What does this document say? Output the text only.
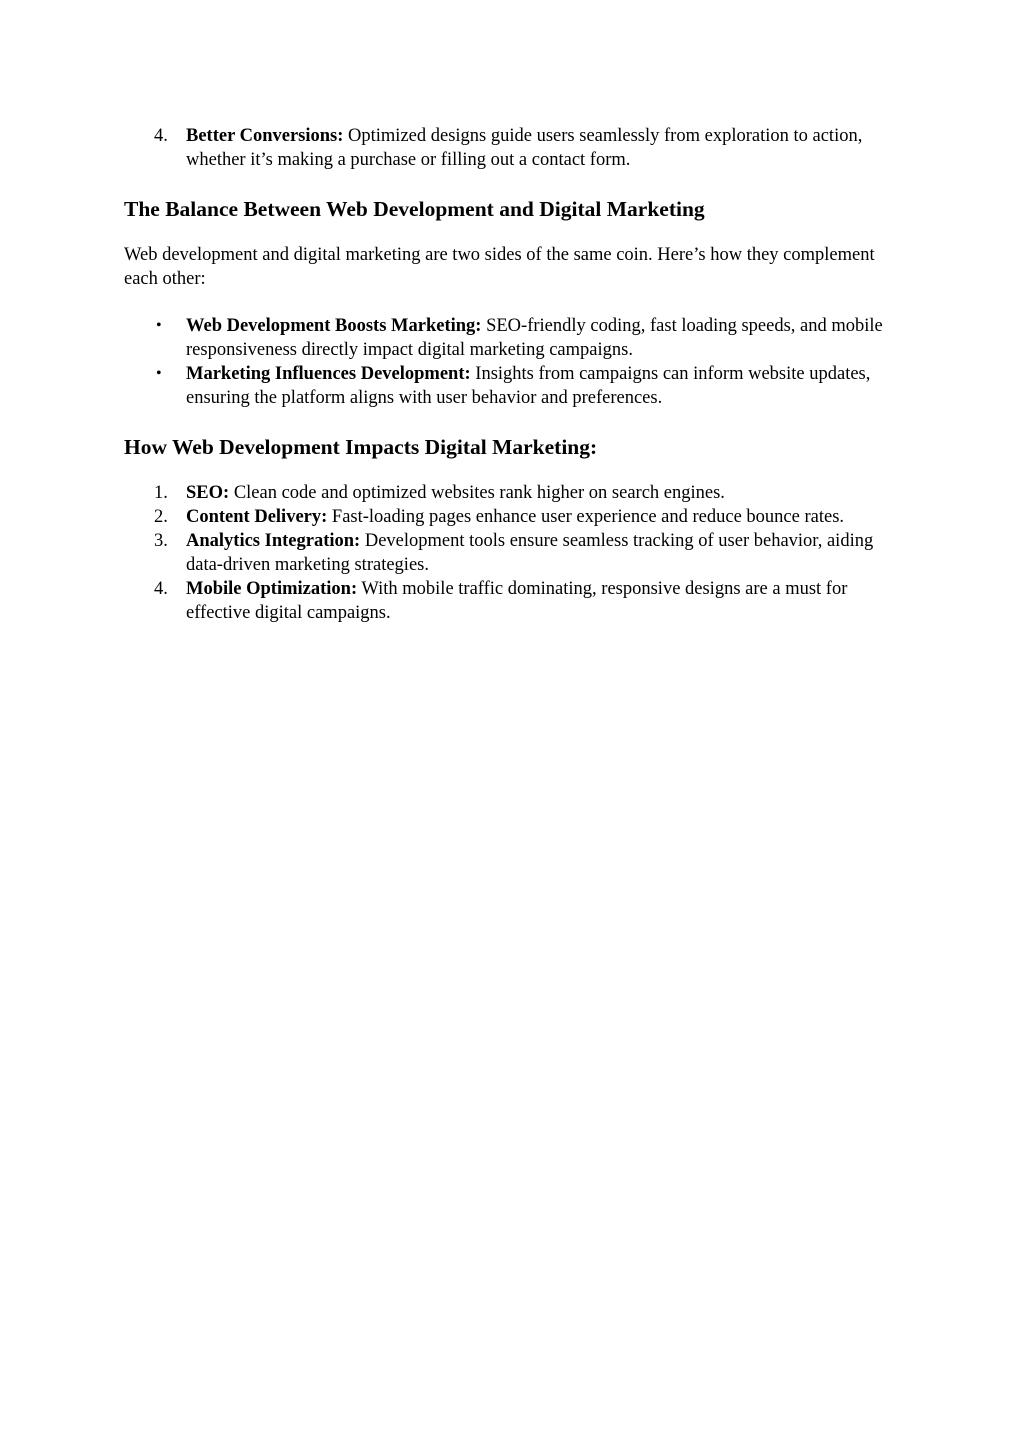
4. Better Conversions: Optimized designs guide users seamlessly from exploration to action, whether it’s making a purchase or filling out a contact form.
The Balance Between Web Development and Digital Marketing

Web development and digital marketing are two sides of the same coin. Here’s how they complement each other:

• Web Development Boosts Marketing: SEO-friendly coding, fast loading speeds, and mobile responsiveness directly impact digital marketing campaigns.
• Marketing Influences Development: Insights from campaigns can inform website updates, ensuring the platform aligns with user behavior and preferences.
How Web Development Impacts Digital Marketing:
1. SEO: Clean code and optimized websites rank higher on search engines.
2. Content Delivery: Fast-loading pages enhance user experience and reduce bounce rates.
3. Analytics Integration: Development tools ensure seamless tracking of user behavior, aiding data-driven marketing strategies.
4. Mobile Optimization: With mobile traffic dominating, responsive designs are a must for effective digital campaigns.
